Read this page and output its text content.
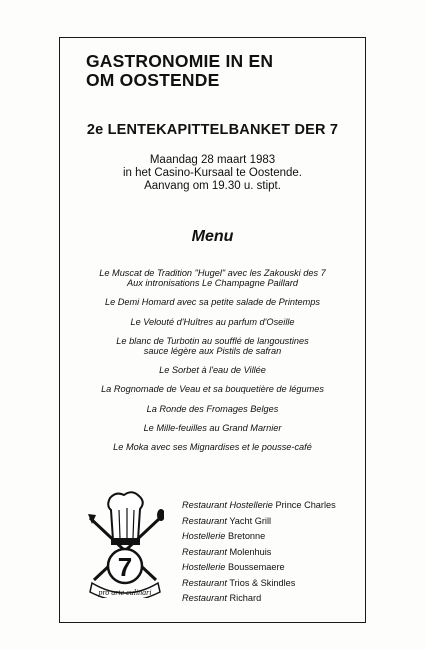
GASTRONOMIE IN EN
OM OOSTENDE
2e LENTEKAPITTELBANKET DER 7
Maandag 28 maart 1983
in het Casino-Kursaal te Oostende.
Aanvang om 19.30 u. stipt.
Menu
Le Muscat de Tradition "Hugel" avec les Zakouski des 7
Aux intronisations Le Champagne Paillard
Le Demi Homard avec sa petite salade de Printemps
Le Velouté d'Huîtres au parfum d'Oseille
Le blanc de Turbotin au soufflé de langoustines
sauce légère aux Pistils de safran
Le Sorbet à l'eau de Villée
La Rognomade de Veau et sa bouquetière de légumes
La Ronde des Fromages Belges
Le Mille-feuilles au Grand Marnier
Le Moka avec ses Mignardises et le pousse-café
7
pro arte culinari
Restaurant Hostellerie Prince Charles
Restaurant Yacht Grill
Hostellerie Bretonne
Restaurant Molenhuis
Hostellerie Boussemaere
Restaurant Trios & Skindles
Restaurant Richard
